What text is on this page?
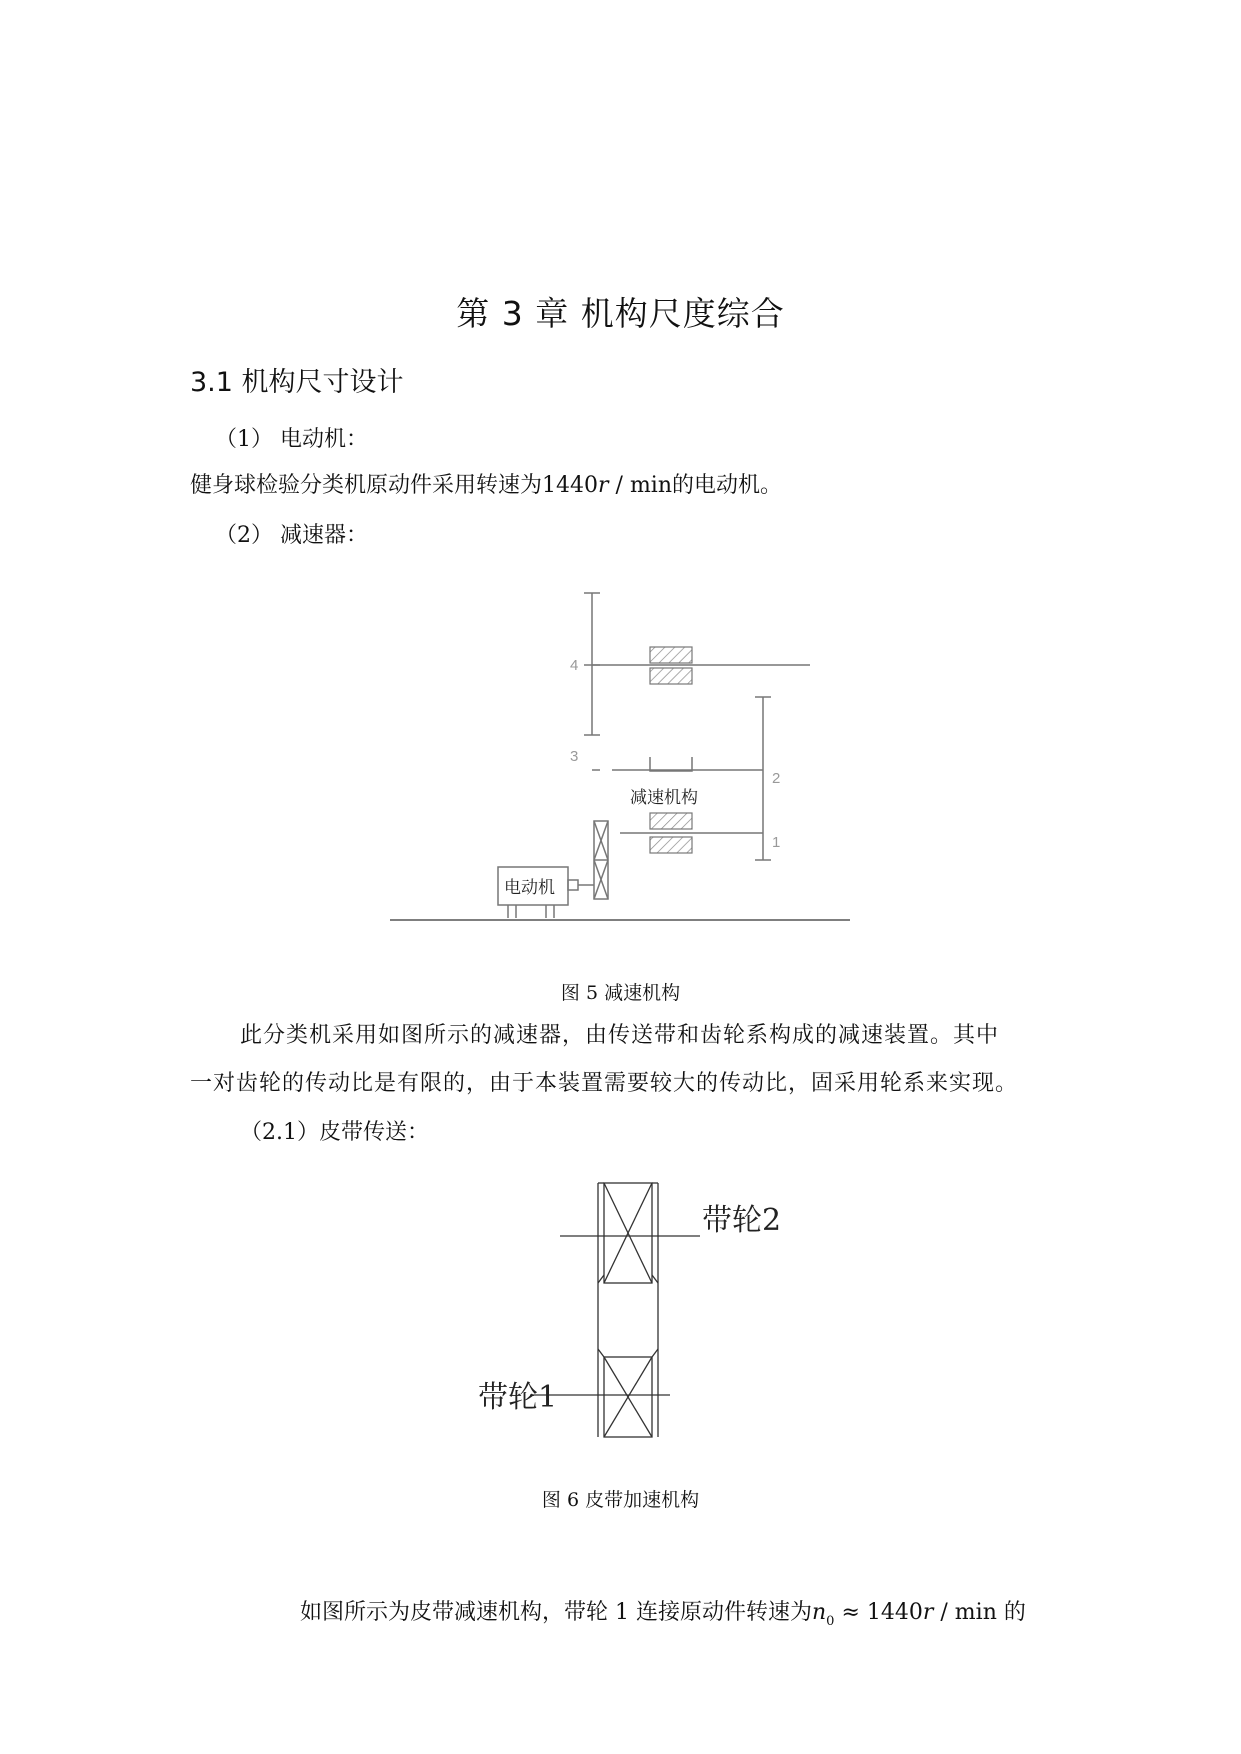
第 3 章 机构尺度综合
3.1 机构尺寸设计
（1） 电动机：
健身球检验分类机原动件采用转速为1440r / min的电动机。
（2） 减速器：
4
3
2
1
减速机构
电动机
图 5 减速机构
此分类机采用如图所示的减速器，由传送带和齿轮系构成的减速装置。其中
一对齿轮的传动比是有限的，由于本装置需要较大的传动比，固采用轮系来实现。
（2.1）皮带传送：
带轮2
带轮1
图 6 皮带加速机构
如图所示为皮带减速机构，带轮 1 连接原动件转速为$n_0 \approx 1440r / \min$ 的
